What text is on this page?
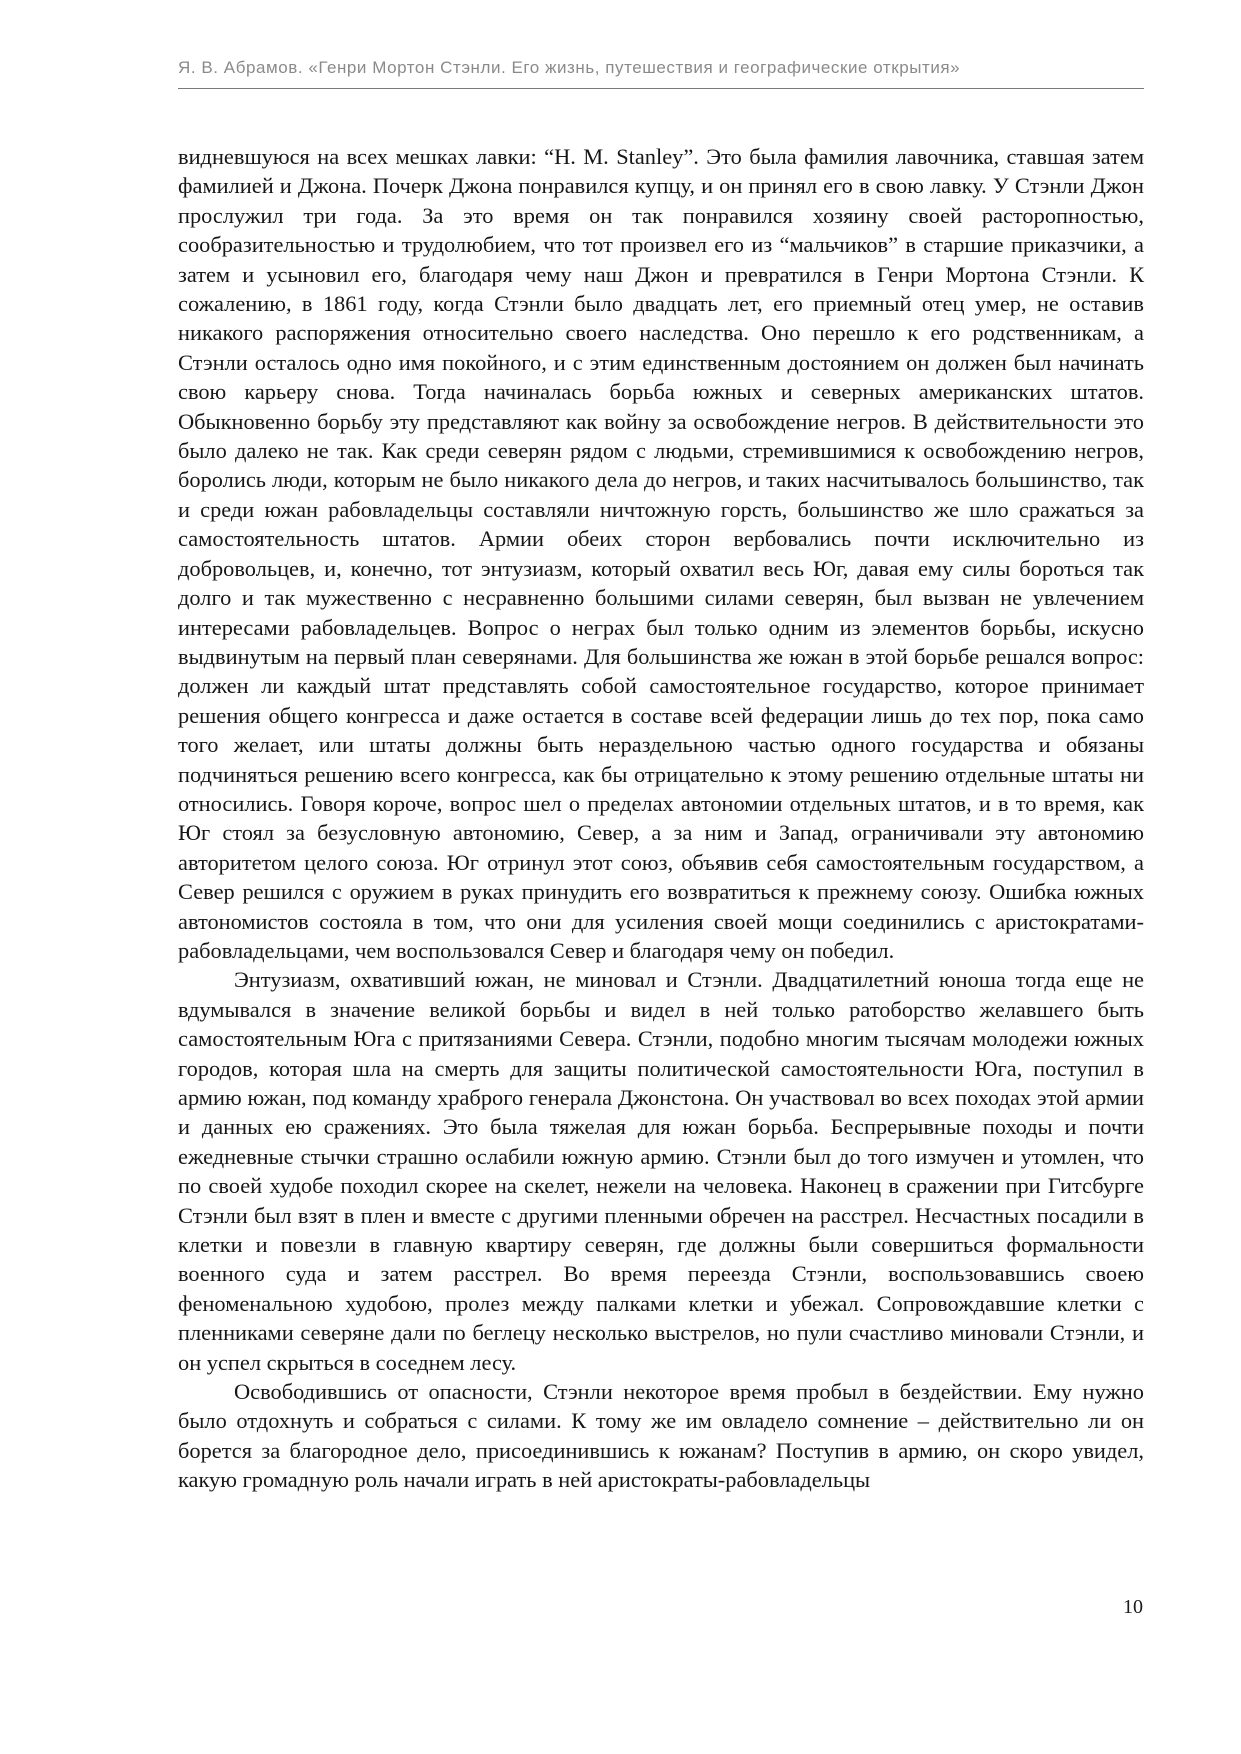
Я. В. Абрамов. «Генри Мортон Стэнли. Его жизнь, путешествия и географические открытия»

видневшуюся на всех мешках лавки: “H. M. Stanley”. Это была фамилия лавочника, ставшая затем фамилией и Джона. Почерк Джона понравился купцу, и он принял его в свою лавку. У Стэнли Джон прослужил три года. За это время он так понравился хозяину своей расторопностью, сообразительностью и трудолюбием, что тот произвел его из “мальчиков” в старшие приказчики, а затем и усыновил его, благодаря чему наш Джон и превратился в Генри Мортона Стэнли. К сожалению, в 1861 году, когда Стэнли было двадцать лет, его приемный отец умер, не оставив никакого распоряжения относительно своего наследства. Оно перешло к его родственникам, а Стэнли осталось одно имя покойного, и с этим единственным достоянием он должен был начинать свою карьеру снова. Тогда начиналась борьба южных и северных американских штатов. Обыкновенно борьбу эту представляют как войну за освобождение негров. В действительности это было далеко не так. Как среди северян рядом с людьми, стремившимися к освобождению негров, боролись люди, которым не было никакого дела до негров, и таких насчитывалось большинство, так и среди южан рабовладельцы составляли ничтожную горсть, большинство же шло сражаться за самостоятельность штатов. Армии обеих сторон вербовались почти исключительно из добровольцев, и, конечно, тот энтузиазм, который охватил весь Юг, давая ему силы бороться так долго и так мужественно с несравненно большими силами северян, был вызван не увлечением интересами рабовладельцев. Вопрос о неграх был только одним из элементов борьбы, искусно выдвинутым на первый план северянами. Для большинства же южан в этой борьбе решался вопрос: должен ли каждый штат представлять собой самостоятельное государство, которое принимает решения общего конгресса и даже остается в составе всей федерации лишь до тех пор, пока само того желает, или штаты должны быть нераздельною частью одного государства и обязаны подчиняться решению всего конгресса, как бы отрицательно к этому решению отдельные штаты ни относились. Говоря короче, вопрос шел о пределах автономии отдельных штатов, и в то время, как Юг стоял за безусловную автономию, Север, а за ним и Запад, ограничивали эту автономию авторитетом целого союза. Юг отринул этот союз, объявив себя самостоятельным государством, а Север решился с оружием в руках принудить его возвратиться к прежнему союзу. Ошибка южных автономистов состояла в том, что они для усиления своей мощи соединились с аристократами-рабовладельцами, чем воспользовался Север и благодаря чему он победил.

Энтузиазм, охвативший южан, не миновал и Стэнли. Двадцатилетний юноша тогда еще не вдумывался в значение великой борьбы и видел в ней только ратоборство желавшего быть самостоятельным Юга с притязаниями Севера. Стэнли, подобно многим тысячам молодежи южных городов, которая шла на смерть для защиты политической самостоятельности Юга, поступил в армию южан, под команду храброго генерала Джонстона. Он участвовал во всех походах этой армии и данных ею сражениях. Это была тяжелая для южан борьба. Беспрерывные походы и почти ежедневные стычки страшно ослабили южную армию. Стэнли был до того измучен и утомлен, что по своей худобе походил скорее на скелет, нежели на человека. Наконец в сражении при Гитсбурге Стэнли был взят в плен и вместе с другими пленными обречен на расстрел. Несчастных посадили в клетки и повезли в главную квартиру северян, где должны были совершиться формальности военного суда и затем расстрел. Во время переезда Стэнли, воспользовавшись своею феноменальною худобою, пролез между палками клетки и убежал. Сопровождавшие клетки с пленниками северяне дали по беглецу несколько выстрелов, но пули счастливо миновали Стэнли, и он успел скрыться в соседнем лесу.

Освободившись от опасности, Стэнли некоторое время пробыл в бездействии. Ему нужно было отдохнуть и собраться с силами. К тому же им овладело сомнение – действительно ли он борется за благородное дело, присоединившись к южанам? Поступив в армию, он скоро увидел, какую громадную роль начали играть в ней аристократы-рабовладельцы

10
